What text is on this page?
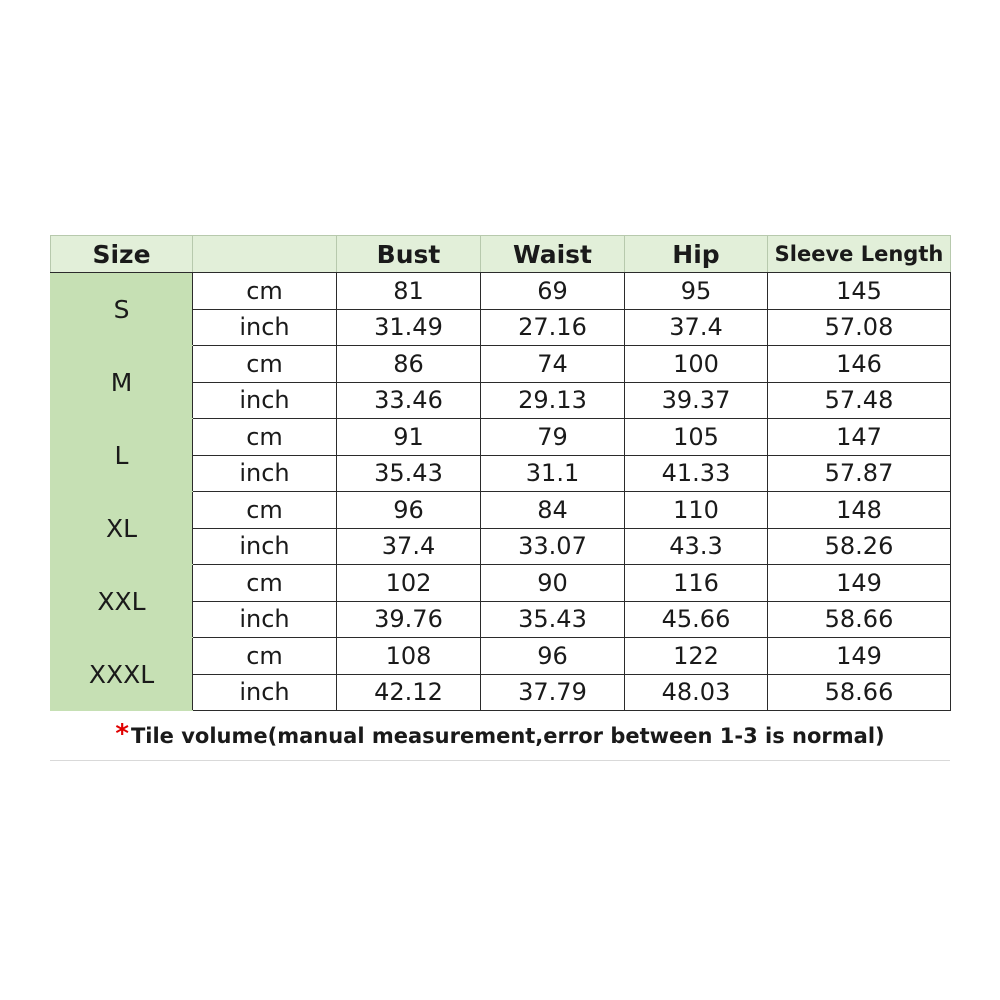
Size		Bust	Waist	Hip	Sleeve Length
S	cm	81	69	95	145
	inch	31.49	27.16	37.4	57.08
M	cm	86	74	100	146
	inch	33.46	29.13	39.37	57.48
L	cm	91	79	105	147
	inch	35.43	31.1	41.33	57.87
XL	cm	96	84	110	148
	inch	37.4	33.07	43.3	58.26
XXL	cm	102	90	116	149
	inch	39.76	35.43	45.66	58.66
XXXL	cm	108	96	122	149
	inch	42.12	37.79	48.03	58.66
* Tile volume(manual measurement,error between 1-3 is normal)
